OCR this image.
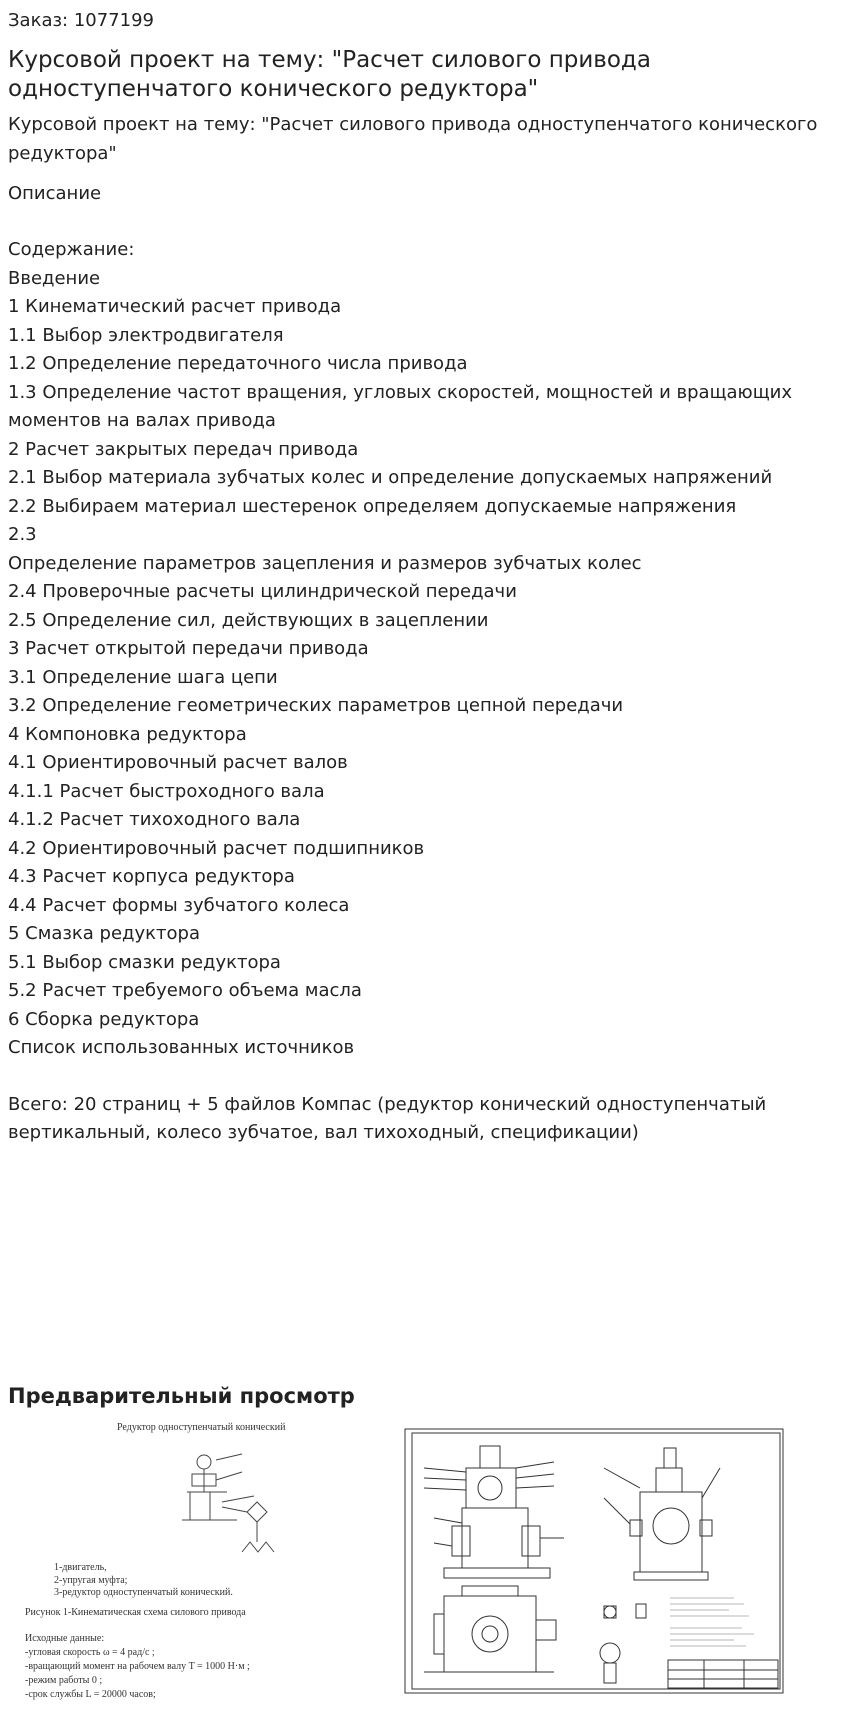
Заказ: 1077199

Курсовой проект на тему: "Расчет силового привода одноступенчатого конического редуктора"

Курсовой проект на тему: "Расчет силового привода одноступенчатого конического редуктора"

Описание

Содержание:
Введение
1 Кинематический расчет привода
1.1 Выбор электродвигателя
1.2 Определение передаточного числа привода
1.3 Определение частот вращения, угловых скоростей, мощностей и вращающих моментов на валах привода
2 Расчет закрытых передач привода
2.1 Выбор материала зубчатых колес и определение допускаемых напряжений
2.2 Выбираем материал шестеренок определяем допускаемые напряжения
2.3
Определение параметров зацепления и размеров зубчатых колес
2.4 Проверочные расчеты цилиндрической передачи
2.5 Определение сил, действующих в зацеплении
3 Расчет открытой передачи привода
3.1 Определение шага цепи
3.2 Определение геометрических параметров цепной передачи
4 Компоновка редуктора
4.1 Ориентировочный расчет валов
4.1.1 Расчет быстроходного вала
4.1.2 Расчет тихоходного вала
4.2 Ориентировочный расчет подшипников
4.3 Расчет корпуса редуктора
4.4 Расчет формы зубчатого колеса
5 Смазка редуктора
5.1 Выбор смазки редуктора
5.2 Расчет требуемого объема масла
6 Сборка редуктора
Список использованных источников

Всего: 20 страниц + 5 файлов Компас (редуктор конический одноступенчатый вертикальный, колесо зубчатое, вал тихоходный, спецификации)

Предварительный просмотр
Редуктор одноступенчатый конический
1-двигатель,
2-упругая муфта;
3-редуктор одноступенчатый конический.
Рисунок 1-Кинематическая схема силового привода
Исходные данные:
-угловая скорость ω = 4 рад/с ;
-вращающий момент на рабочем валу T = 1000 Н·м ;
-режим работы 0 ;
-срок службы L = 20000 часов;
